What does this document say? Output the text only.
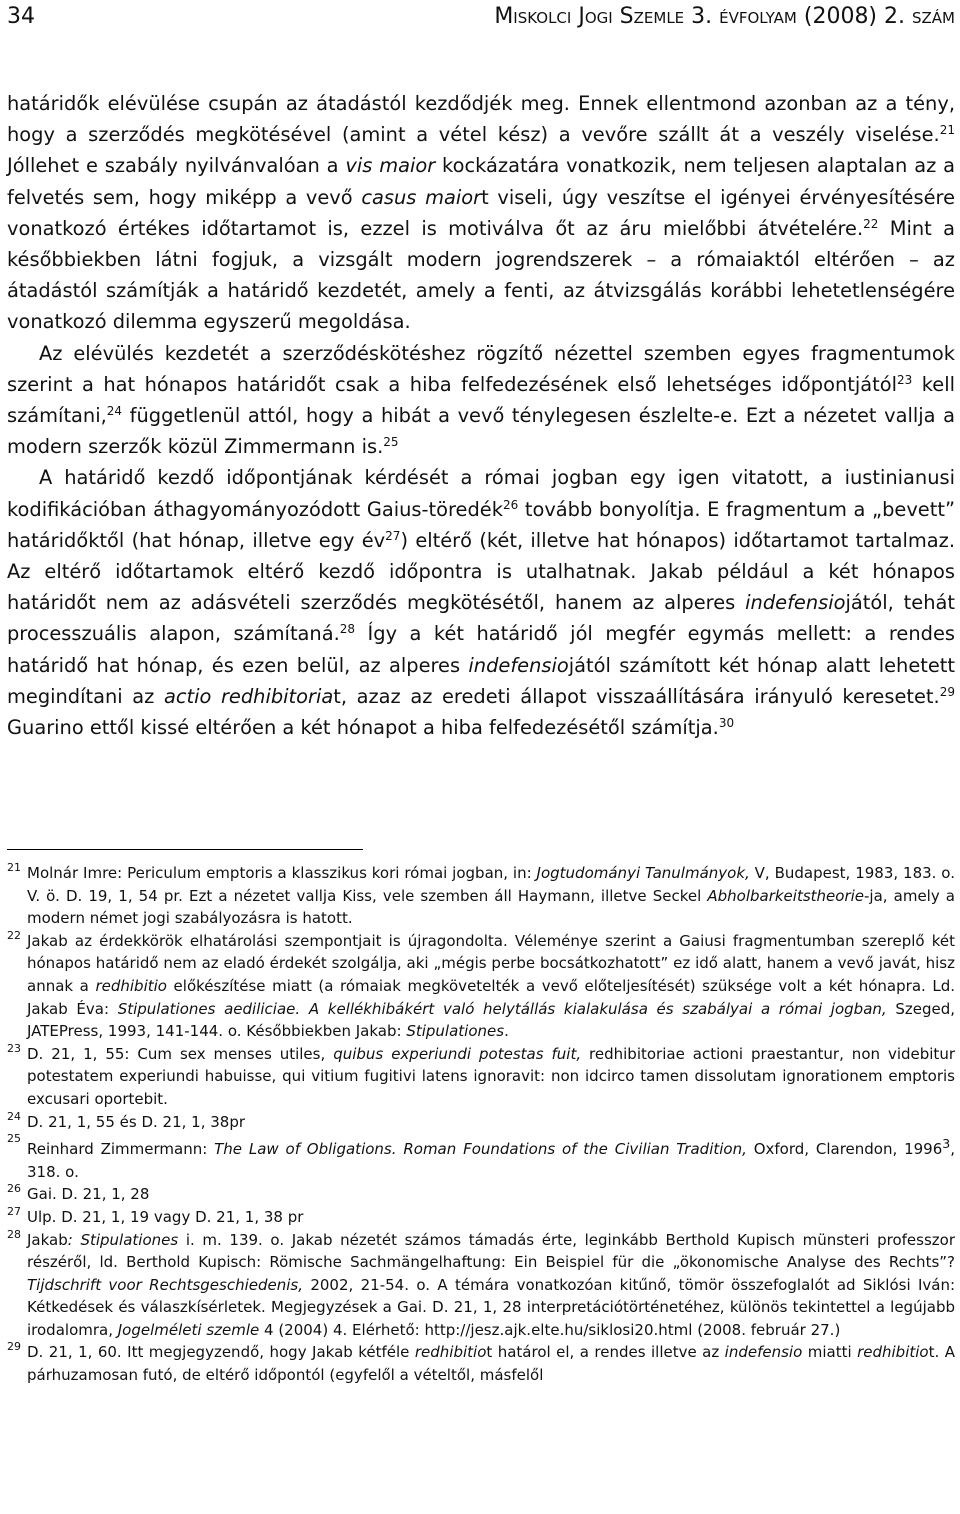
34	Miskolci Jogi Szemle 3. évfolyam (2008) 2. szám

határidők elévülése csupán az átadástól kezdődjék meg. Ennek ellentmond azonban az a tény, hogy a szerződés megkötésével (amint a vétel kész) a vevőre szállt át a veszély viselése.$^{21}$ Jóllehet e szabály nyilvánvalóan a vis maior kockázatára vonatkozik, nem teljesen alaptalan az a felvetés sem, hogy miképp a vevő casus maiort viseli, úgy veszítse el igényei érvényesítésére vonatkozó értékes időtartamot is, ezzel is motiválva őt az áru mielőbbi átvételére.$^{22}$ Mint a későbbiekben látni fogjuk, a vizsgált modern jogrendszerek – a rómaiaktól eltérően – az átadástól számítják a határidő kezdetét, amely a fenti, az átvizsgálás korábbi lehetetlenségére vonatkozó dilemma egyszerű megoldása.

Az elévülés kezdetét a szerződéskötéshez rögzítő nézettel szemben egyes fragmentumok szerint a hat hónapos határidőt csak a hiba felfedezésének első lehetséges időpontjától$^{23}$ kell számítani,$^{24}$ függetlenül attól, hogy a hibát a vevő ténylegesen észlelte-e. Ezt a nézetet vallja a modern szerzők közül Zimmermann is.$^{25}$

A határidő kezdő időpontjának kérdését a római jogban egy igen vitatott, a iustinianusi kodifikációban áthagyományozódott Gaius-töredék$^{26}$ tovább bonyolítja. E fragmentum a „bevett” határidőktől (hat hónap, illetve egy $év^{27}$) eltérő (két, illetve hat hónapos) időtartamot tartalmaz. Az eltérő időtartamok eltérő kezdő időpontra is utalhatnak. Jakab például a két hónapos határidőt nem az adásvételi szerződés megkötésétől, hanem az alperes indefensiojától, tehát processzuális alapon, számítaná.$^{28}$ Így a két határidő jól megfér egymás mellett: a rendes határidő hat hónap, és ezen belül, az alperes indefensiojától számított két hónap alatt lehetett megindítani az actio redhibitoriat, azaz az eredeti állapot visszaállítására irányuló keresetet.$^{29}$ Guarino ettől kissé eltérően a két hónapot a hiba felfedezésétől számítja.$^{30}$

21 Molnár Imre: Periculum emptoris a klasszikus kori római jogban, in: Jogtudományi Tanulmányok, V, Budapest, 1983, 183. o. V. ö. D. 19, 1, 54 pr. Ezt a nézetet vallja Kiss, vele szemben áll Haymann, illetve Seckel Abholbarkeitstheorie-ja, amely a modern német jogi szabályozásra is hatott.
22 Jakab az érdekkörök elhatárolási szempontjait is újragondolta. Véleménye szerint a Gaiusi fragmentumban szereplő két hónapos határidő nem az eladó érdekét szolgálja, aki „mégis perbe bocsátkozhatott” ez idő alatt, hanem a vevő javát, hisz annak a redhibitio előkészítése miatt (a rómaiak megkövetelték a vevő előteljesítését) szüksége volt a két hónapra. Ld. Jakab Éva: Stipulationes aediliciae. A kellékhibákért való helytállás kialakulása és szabályai a római jogban, Szeged, JATEPress, 1993, 141-144. o. Későbbiekben Jakab: Stipulationes.
23 D. 21, 1, 55: Cum sex menses utiles, quibus experiundi potestas fuit, redhibitoriae actioni praestantur, non videbitur potestatem experiundi habuisse, qui vitium fugitivi latens ignoravit: non idcirco tamen dissolutam ignorationem emptoris excusari oportebit.
24 D. 21, 1, 55 és D. 21, 1, 38pr
25
Reinhard Zimmermann: The Law of Obligations. Roman Foundations of the Civilian Tradition, Oxford, Clarendon, 1996$^3$, 318. o.
26 Gai. D. 21, 1, 28
27 Ulp. D. 21, 1, 19 vagy D. 21, 1, 38 pr
28 Jakab: Stipulationes i. m. 139. o. Jakab nézetét számos támadás érte, leginkább Berthold Kupisch münsteri professzor részéről, ld. Berthold Kupisch: Römische Sachmängelhaftung: Ein Beispiel für die „ökonomische Analyse des Rechts”? Tijdschrift voor Rechtsgeschiedenis, 2002, 21-54. o. A témára vonatkozóan kitűnő, tömör összefoglalót ad Siklósi Iván: Kétkedések és válaszkísérletek. Megjegyzések a Gai. D. 21, 1, 28 interpretációtörténetéhez, különös tekintettel a legújabb irodalomra, Jogelméleti szemle 4 (2004) 4. Elérhető: http://jesz.ajk.elte.hu/siklosi20.html (2008. február 27.)
29 D. 21, 1, 60. Itt megjegyzendő, hogy Jakab kétféle redhibitiot határol el, a rendes illetve az indefensio miatti redhibitiot. A párhuzamosan futó, de eltérő időpontól (egyfelől a vételtől, másfelől
